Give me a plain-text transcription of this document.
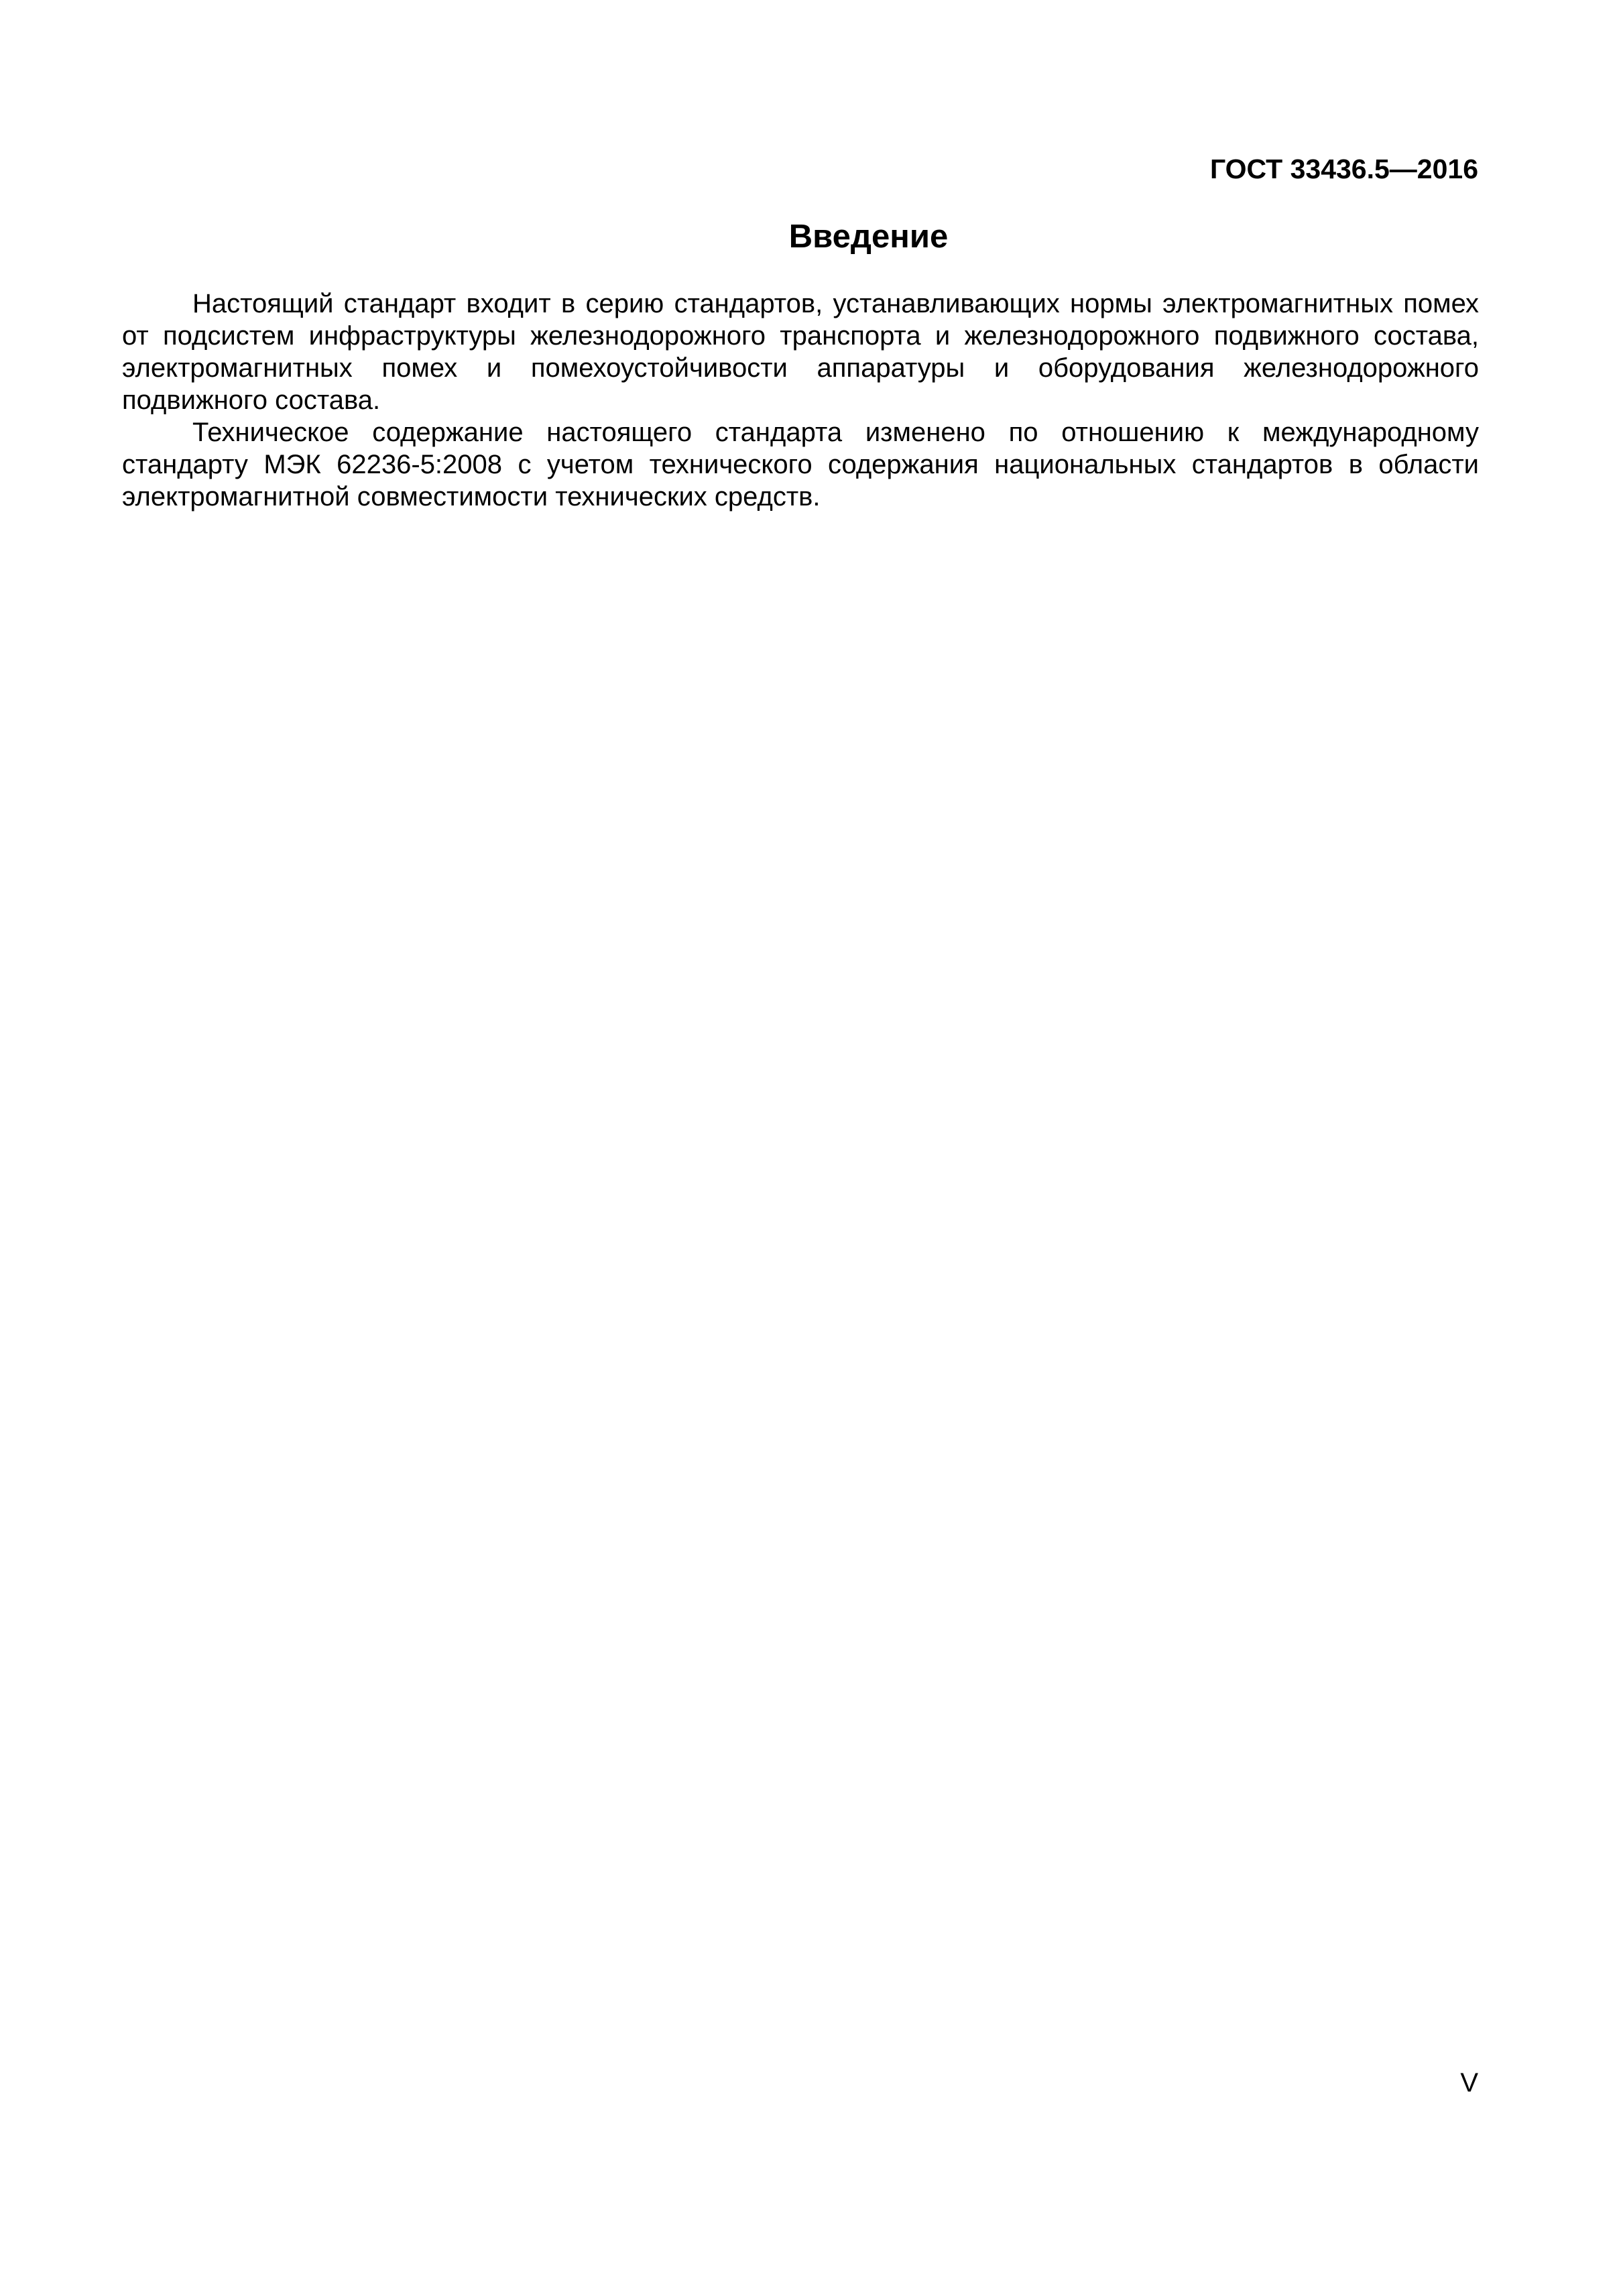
ГОСТ 33436.5—2016
Введение

Настоящий стандарт входит в серию стандартов, устанавливающих нормы электромагнитных помех от подсистем инфраструктуры железнодорожного транспорта и железнодорожного подвижного состава, электромагнитных помех и помехоустойчивости аппаратуры и оборудования железнодорожного подвижного состава.

Техническое содержание настоящего стандарта изменено по отношению к международному стандарту МЭК 62236-5:2008 с учетом технического содержания национальных стандартов в области электромагнитной совместимости технических средств.

V
